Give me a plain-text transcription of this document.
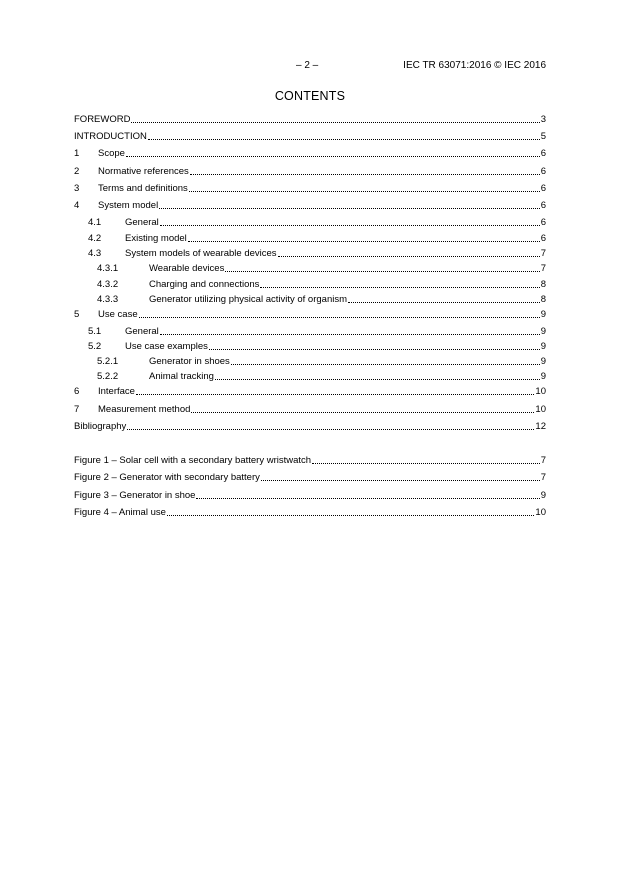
– 2 –	IEC TR 63071:2016 © IEC 2016
CONTENTS
FOREWORD	3
INTRODUCTION	5
1	Scope	6
2	Normative references	6
3	Terms and definitions	6
4	System model	6
4.1	General	6
4.2	Existing model	6
4.3	System models of wearable devices	7
4.3.1	Wearable devices	7
4.3.2	Charging and connections	8
4.3.3	Generator utilizing physical activity of organism	8
5	Use case	9
5.1	General	9
5.2	Use case examples	9
5.2.1	Generator in shoes	9
5.2.2	Animal tracking	9
6	Interface	10
7	Measurement method	10
Bibliography	12
Figure 1 – Solar cell with a secondary battery wristwatch	7
Figure 2 – Generator with secondary battery	7
Figure 3 – Generator in shoe	9
Figure 4 – Animal use	10
